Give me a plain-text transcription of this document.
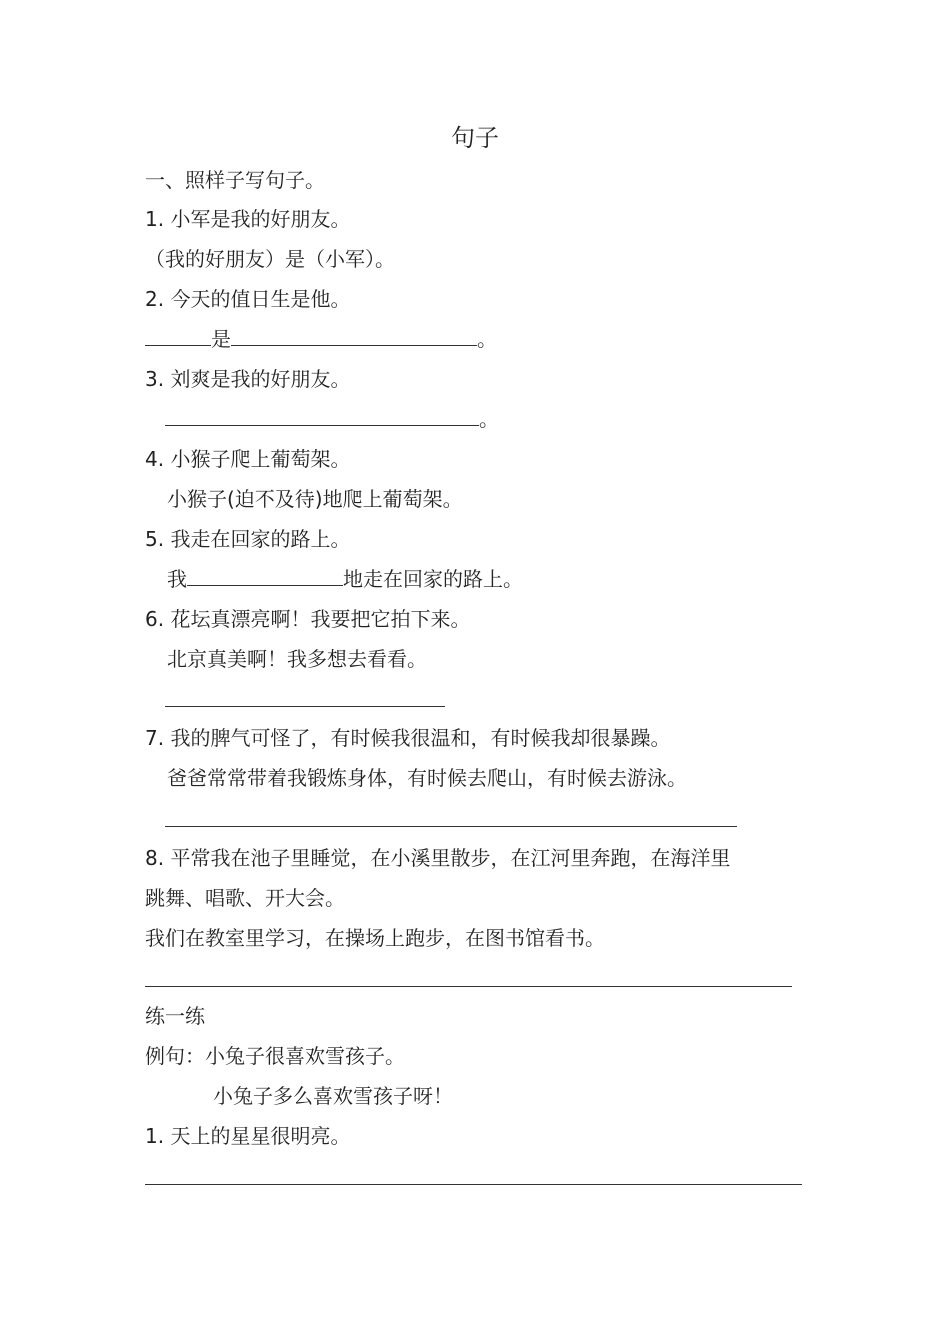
句子
一、照样子写句子。
1. 小军是我的好朋友。
（我的好朋友）是（小军）。
2. 今天的值日生是他。
是	。
3. 刘爽是我的好朋友。
。
4. 小猴子爬上葡萄架。
小猴子(迫不及待)地爬上葡萄架。
5. 我走在回家的路上。
我	地走在回家的路上。
6. 花坛真漂亮啊！我要把它拍下来。
北京真美啊！我多想去看看。
7. 我的脾气可怪了，有时候我很温和，有时候我却很暴躁。
爸爸常常带着我锻炼身体，有时候去爬山，有时候去游泳。
8. 平常我在池子里睡觉，在小溪里散步，在江河里奔跑，在海洋里
跳舞、唱歌、开大会。
我们在教室里学习，在操场上跑步，在图书馆看书。
练一练
例句：小兔子很喜欢雪孩子。
小兔子多么喜欢雪孩子呀！
1. 天上的星星很明亮。
